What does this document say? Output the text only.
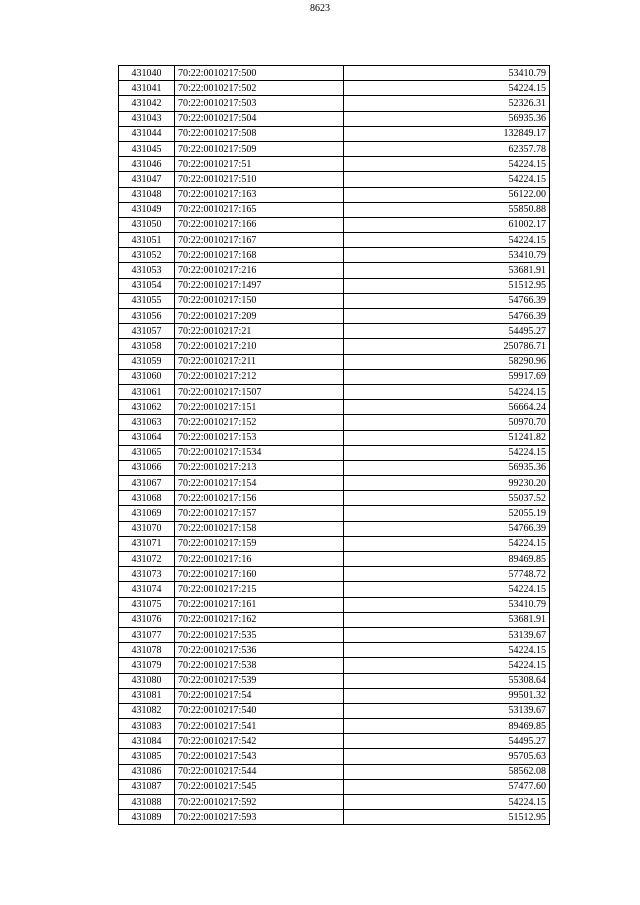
8623
431040	70:22:0010217:500	53410.79
431041	70:22:0010217:502	54224.15
431042	70:22:0010217:503	52326.31
431043	70:22:0010217:504	56935.36
431044	70:22:0010217:508	132849.17
431045	70:22:0010217:509	62357.78
431046	70:22:0010217:51	54224.15
431047	70:22:0010217:510	54224.15
431048	70:22:0010217:163	56122.00
431049	70:22:0010217:165	55850.88
431050	70:22:0010217:166	61002.17
431051	70:22:0010217:167	54224.15
431052	70:22:0010217:168	53410.79
431053	70:22:0010217:216	53681.91
431054	70:22:0010217:1497	51512.95
431055	70:22:0010217:150	54766.39
431056	70:22:0010217:209	54766.39
431057	70:22:0010217:21	54495.27
431058	70:22:0010217:210	250786.71
431059	70:22:0010217:211	58290.96
431060	70:22:0010217:212	59917.69
431061	70:22:0010217:1507	54224.15
431062	70:22:0010217:151	56664.24
431063	70:22:0010217:152	50970.70
431064	70:22:0010217:153	51241.82
431065	70:22:0010217:1534	54224.15
431066	70:22:0010217:213	56935.36
431067	70:22:0010217:154	99230.20
431068	70:22:0010217:156	55037.52
431069	70:22:0010217:157	52055.19
431070	70:22:0010217:158	54766.39
431071	70:22:0010217:159	54224.15
431072	70:22:0010217:16	89469.85
431073	70:22:0010217:160	57748.72
431074	70:22:0010217:215	54224.15
431075	70:22:0010217:161	53410.79
431076	70:22:0010217:162	53681.91
431077	70:22:0010217:535	53139.67
431078	70:22:0010217:536	54224.15
431079	70:22:0010217:538	54224.15
431080	70:22:0010217:539	55308.64
431081	70:22:0010217:54	99501.32
431082	70:22:0010217:540	53139.67
431083	70:22:0010217:541	89469.85
431084	70:22:0010217:542	54495.27
431085	70:22:0010217:543	95705.63
431086	70:22:0010217:544	58562.08
431087	70:22:0010217:545	57477.60
431088	70:22:0010217:592	54224.15
431089	70:22:0010217:593	51512.95
